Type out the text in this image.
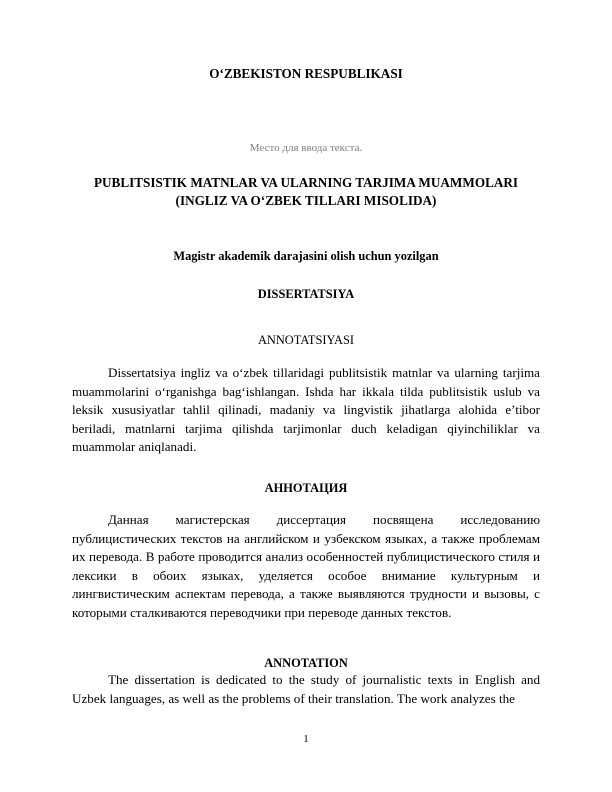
O‘ZBEKISTON RESPUBLIKASI
Место для ввода текста.
PUBLITSISTIK MATNLAR VA ULARNING TARJIMA MUAMMOLARI
(INGLIZ VA O‘ZBEK TILLARI MISOLIDA)
Magistr akademik darajasini olish uchun yozilgan
DISSERTATSIYA
ANNOTATSIYASI

Dissertatsiya ingliz va o‘zbek tillaridagi publitsistik matnlar va ularning tarjima muammolarini o‘rganishga bag‘ishlangan. Ishda har ikkala tilda publitsistik uslub va leksik xususiyatlar tahlil qilinadi, madaniy va lingvistik jihatlarga alohida e’tibor beriladi, matnlarni tarjima qilishda tarjimonlar duch keladigan qiyinchiliklar va muammolar aniqlanadi.

АННОТАЦИЯ

Данная магистерская диссертация посвящена исследованию публицистических текстов на английском и узбекском языках, а также проблемам их перевода. В работе проводится анализ особенностей публицистического стиля и лексики в обоих языках, уделяется особое внимание культурным и лингвистическим аспектам перевода, а также выявляются трудности и вызовы, с которыми сталкиваются переводчики при переводе данных текстов.

ANNOTATION

The dissertation is dedicated to the study of journalistic texts in English and Uzbek languages, as well as the problems of their translation. The work analyzes the

1
